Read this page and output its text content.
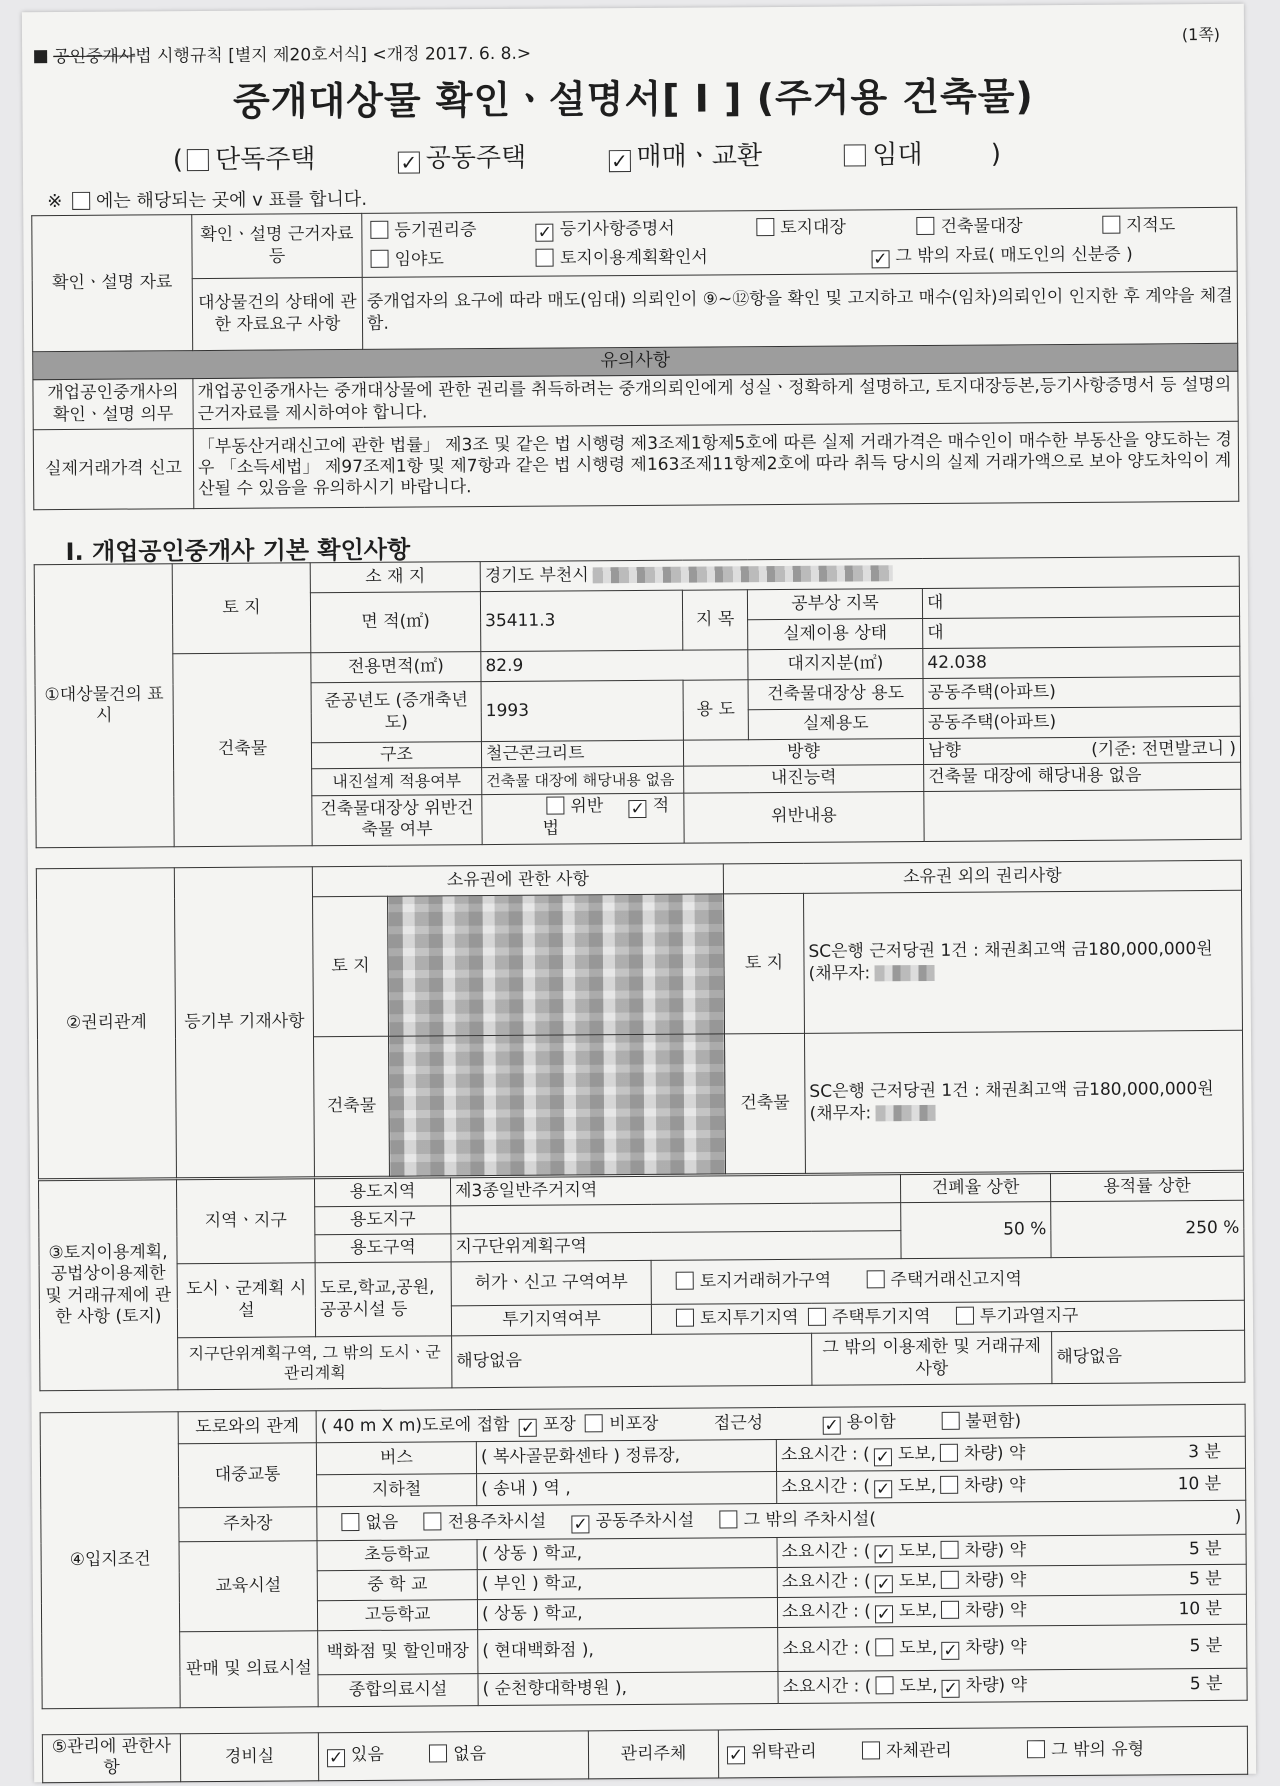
공인중개사법 시행규칙 [별지 제20호서식] <개정 2017. 6. 8.>
(1쪽)
중개대상물 확인ㆍ설명서[ Ⅰ ] (주거용 건축물)
( 단독주택	✓ 공동주택	✓ 매매ㆍ교환	임대	)
※ 에는 해당되는 곳에 v 표를 합니다.
확인ㆍ설명 자료	확인ㆍ설명 근거자료 등	등기권리증 ✓ 등기사항증명서 토지대장 건축물대장 지적도
임야도 토지이용계획확인서 ✓ 그 밖의 자료( 매도인의 신분증 )
	대상물건의 상태에 관한 자료요구 사항	중개업자의 요구에 따라 매도(임대) 의뢰인이 ⑨~⑫항을 확인 및 고지하고 매수(임차)의뢰인이 인지한 후 계약을 체결함.
유의사항		
개업공인중개사의 확인ㆍ설명 의무	개업공인중개사는 중개대상물에 관한 권리를 취득하려는 중개의뢰인에게 성실ㆍ정확하게 설명하고, 토지대장등본,등기사항증명서 등 설명의 근거자료를 제시하여야 합니다.	
실제거래가격 신고	「부동산거래신고에 관한 법률」 제3조 및 같은 법 시행령 제3조제1항제5호에 따른 실제 거래가격은 매수인이 매수한 부동산을 양도하는 경우 「소득세법」 제97조제1항 및 제7항과 같은 법 시행령 제163조제11항제2호에 따라 취득 당시의 실제 거래가액으로 보아 양도차익이 계산될 수 있음을 유의하시기 바랍니다.	
Ⅰ. 개업공인중개사 기본 확인사항
①대상물건의 표시	토 지	소 재 지	경기도 부천시			
		면 적(㎡)	35411.3	지 목	공부상 지목	대
					실제이용 상태	대
	건축물	전용면적(㎡)	82.9		대지지분(㎡)	42.038
		준공년도 (증개축년도)	1993	용 도	건축물대장상 용도	공동주택(아파트)
					실제용도	공동주택(아파트)
		구조	철근콘크리트	방향		남향 (기준: 전면발코니 )

		내진설계 적용여부	건축물 대장에 해당내용 없음	내진능력		건축물 대장에 해당내용 없음
		건축물대장상 위반건축물 여부	위반 ✓ 적법	위반내용		
②권리관계	등기부 기재사항	소유권에 관한 사항		소유권 외의 권리사항	
		토 지		토 지	SC은행 근저당권 1건 : 채권최고액 금180,000,000원 (채무자:
		건축물		건축물	SC은행 근저당권 1건 : 채권최고액 금180,000,000원 (채무자:
③토지이용계획, 공법상이용제한 및 거래규제에 관한 사항 (토지)	지역ㆍ지구	용도지역	제3종일반주거지역			건폐율 상한	용적률 상한
		용도지구				50 %	250 %
		용도구역	지구단위계획구역				
	도시ㆍ군계획 시설	도로,학교,공원,공공시설 등	허가ㆍ신고 구역여부	토지거래허가구역 주택거래신고지역			
			투기지역여부	토지투기지역 주택투기지역 투기과열지구			
	지구단위계획구역, 그 밖의 도시ㆍ군관리계획		해당없음		그 밖의 이용제한 및 거래규제사항		해당없음
④입지조건	도로와의 관계	( 40 m X m)도로에 접함 ✓ 포장 비포장 접근성 ✓ 용이함 불편함)		
	대중교통	버스	( 복사골문화센타 ) 정류장,	소요시간 : ( ✓ 도보, 차량) 약 3 분

		지하철	( 송내 ) 역 ,	소요시간 : ( ✓ 도보, 차량) 약 10 분

	주차장	없음 전용주차시설 ✓ 공동주차시설 그 밖의 주차시설( )		

	교육시설	초등학교	( 상동 ) 학교,	소요시간 : ( ✓ 도보, 차량) 약 5 분

		중 학 교	( 부인 ) 학교,	소요시간 : ( ✓ 도보, 차량) 약 5 분

		고등학교	( 상동 ) 학교,	소요시간 : ( ✓ 도보, 차량) 약 10 분

	판매 및 의료시설	백화점 및 할인매장	( 현대백화점 ),	소요시간 : ( 도보, ✓ 차량) 약 5 분

		종합의료시설	( 순천향대학병원 ),	소요시간 : ( 도보, ✓ 차량) 약 5 분
⑤관리에 관한사항	경비실	✓ 있음	없음	관리주체	✓ 위탁관리	자체관리	그 밖의 유형
